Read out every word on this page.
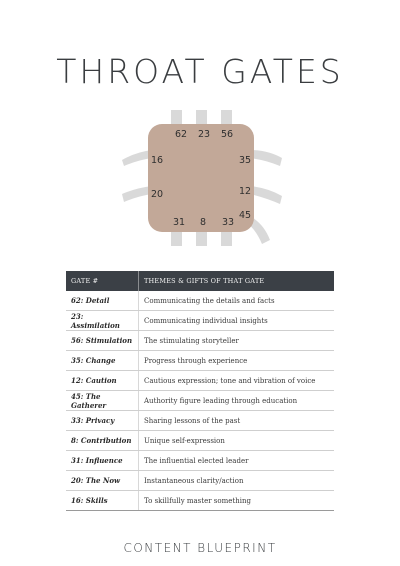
THROAT GATES
62 23 56
16
20
35
12
45
31 8 33
GATE #	THEMES & GIFTS OF THAT GATE
62: Detail	Communicating the details and facts
23: Assimilation	Communicating individual insights
56: Stimulation	The stimulating storyteller
35: Change	Progress through experience
12: Caution	Cautious expression; tone and vibration of voice
45: The Gatherer	Authority figure leading through education
33: Privacy	Sharing lessons of the past
8: Contribution	Unique self-expression
31: Influence	The influential elected leader
20: The Now	Instantaneous clarity/action
16: Skills	To skillfully master something
CONTENT BLUEPRINT
